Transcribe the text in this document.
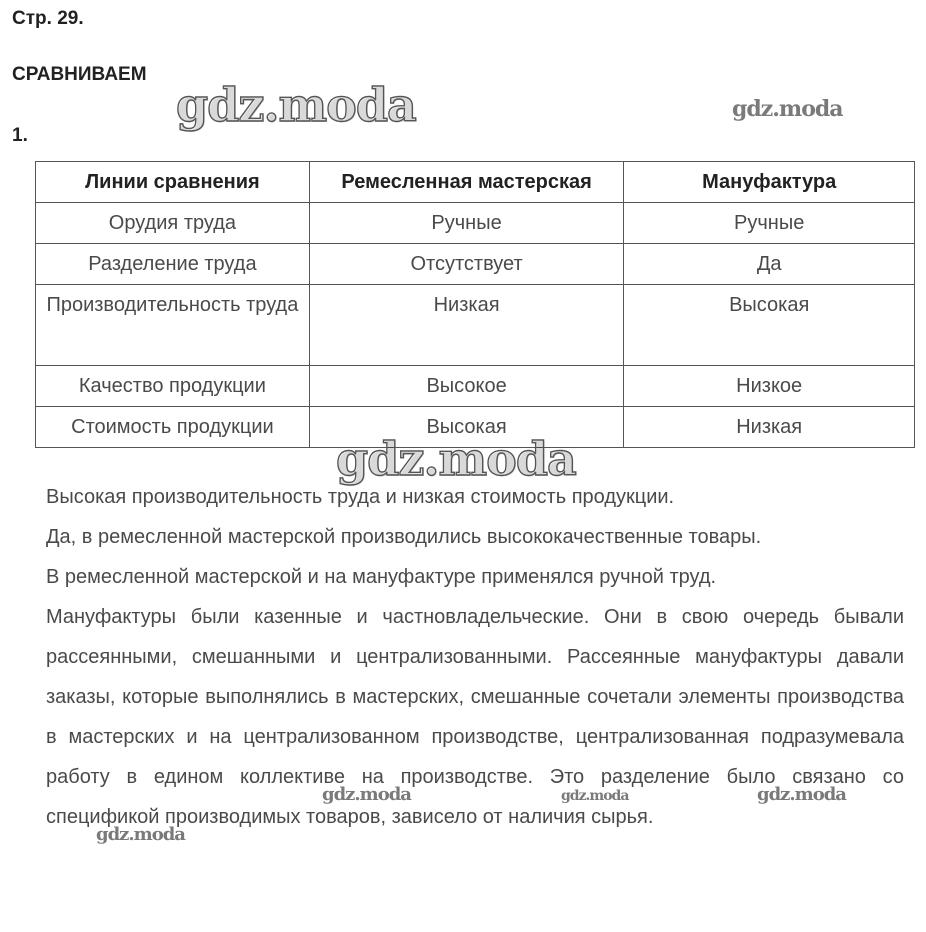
Стр. 29.
СРАВНИВАЕМ
1.
Линии сравнения	Ремесленная мастерская	Мануфактура
Орудия труда	Ручные	Ручные
Разделение труда	Отсутствует	Да
Производительность труда	Низкая	Высокая
Качество продукции	Высокое	Низкое
Стоимость продукции	Высокая	Низкая

Высокая производительность труда и низкая стоимость продукции.

Да, в ремесленной мастерской производились высококачественные товары.

В ремесленной мастерской и на мануфактуре применялся ручной труд.

Мануфактуры были казенные и частновладельческие. Они в свою очередь бывали рассеянными, смешанными и централизованными. Рассеянные мануфактуры давали заказы, которые выполнялись в мастерских, смешанные сочетали элементы производства в мастерских и на централизованном производстве, централизованная подразумевала работу в едином коллективе на производстве. Это разделение было связано со спецификой производимых товаров, зависело от наличия сырья.

gdz.moda	gdz.moda
gdz.moda
gdz.moda	gdz.moda	gdz.moda
gdz.moda
